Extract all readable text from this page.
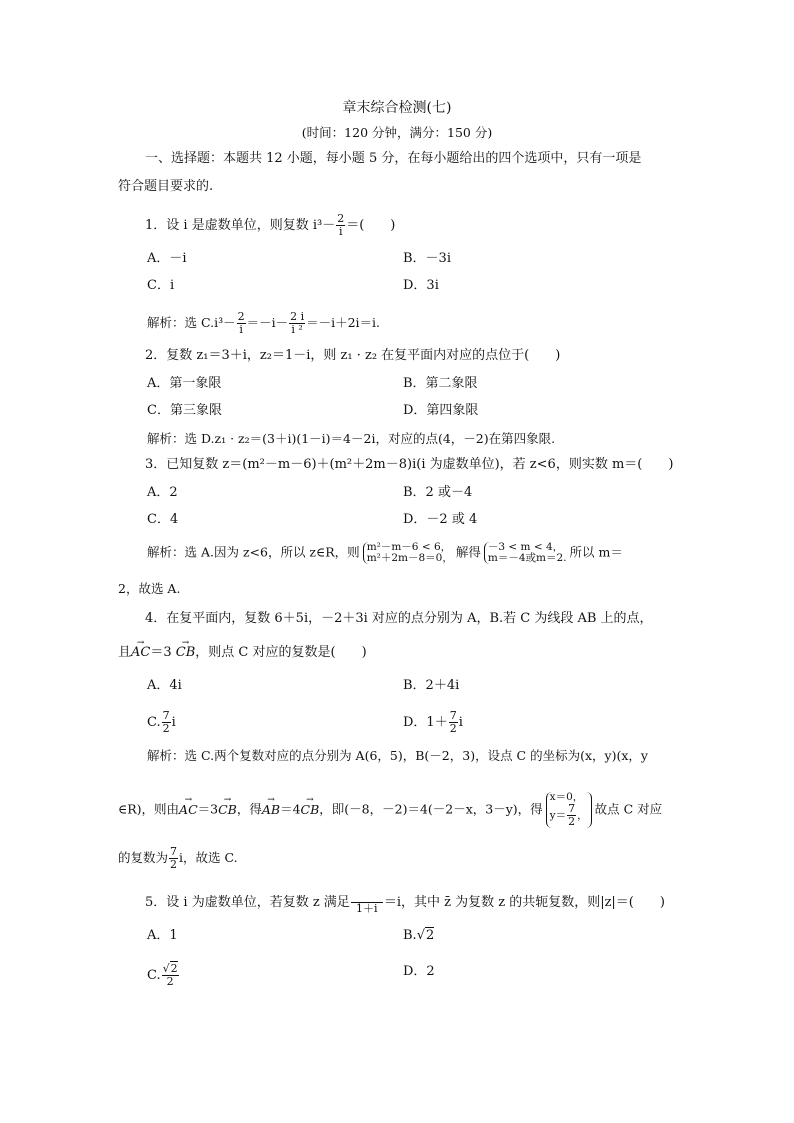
章末综合检测(七)
(时间：120 分钟，满分：150 分)
一、选择题：本题共 12 小题，每小题 5 分，在每小题给出的四个选项中，只有一项是
符合题目要求的.
1．设 i 是虚数单位，则复数 $i^3- \frac{2}{i}$ ＝(　　)
A．－i	B．－3i
C．i	D．3i
解析：选 $C.i^3- \frac{2}{i} =-i- \frac{2 i}{\text{i ²}} =-i+2i=i$.
2．复数 z₁＝3＋i，z₂＝1－i，则 z₁ · z₂ 在复平面内对应的点位于(　　)
A．第一象限	B．第二象限
C．第三象限	D．第四象限
解析：选 D.z₁ · z₂＝(3＋i)(1－i)＝4－2i，对应的点(4，－2)在第四象限.
3．已知复数 z＝(m²－m－6)＋(m²＋2m－8)i(i 为虚数单位)，若 z<6，则实数 m＝(　　)
A．2	B．2 或－4
C．4	D．－2 或 4
解析：选 A.因为 z<6，所以 z∈R，则 m²－m－6 < 6，
m²＋2m－8＝0， 解得 －3 < m < 4，
m＝－4或m＝2. 所以 m＝
2，故选 A.
4．在复平面内，复数 6＋5i，－2＋3i 对应的点分别为 A，B.若 C 为线段 AB 上的点，
且→ AC＝3 → CB，则点 C 对应的复数是(　　)
A．4i	B．2＋4i
C. $\frac{7}{2}$ i	D．$1+ \frac{7}{2}$ i
解析：选 C.两个复数对应的点分别为 A(6，5)，B(－2，3)，设点 C 的坐标为(x，y)(x，y
∈R)，则由→ AC＝3→ CB，得→ AB＝4→ CB，即(－8，－2)＝4(－2－x，3－y)，得
x＝0，
$y= \frac{7}{2}$ ， 故点 C 对应
的复数为 $\frac{7}{2}$ i，故选 C.
5．设 i 为虚数单位，若复数 z 满足 1＋i ＝i，其中 z̄ 为复数 z 的共轭复数，则|z|＝(　　)
A．1	B.√2
C. $\frac{√2}{2}$	D．2
